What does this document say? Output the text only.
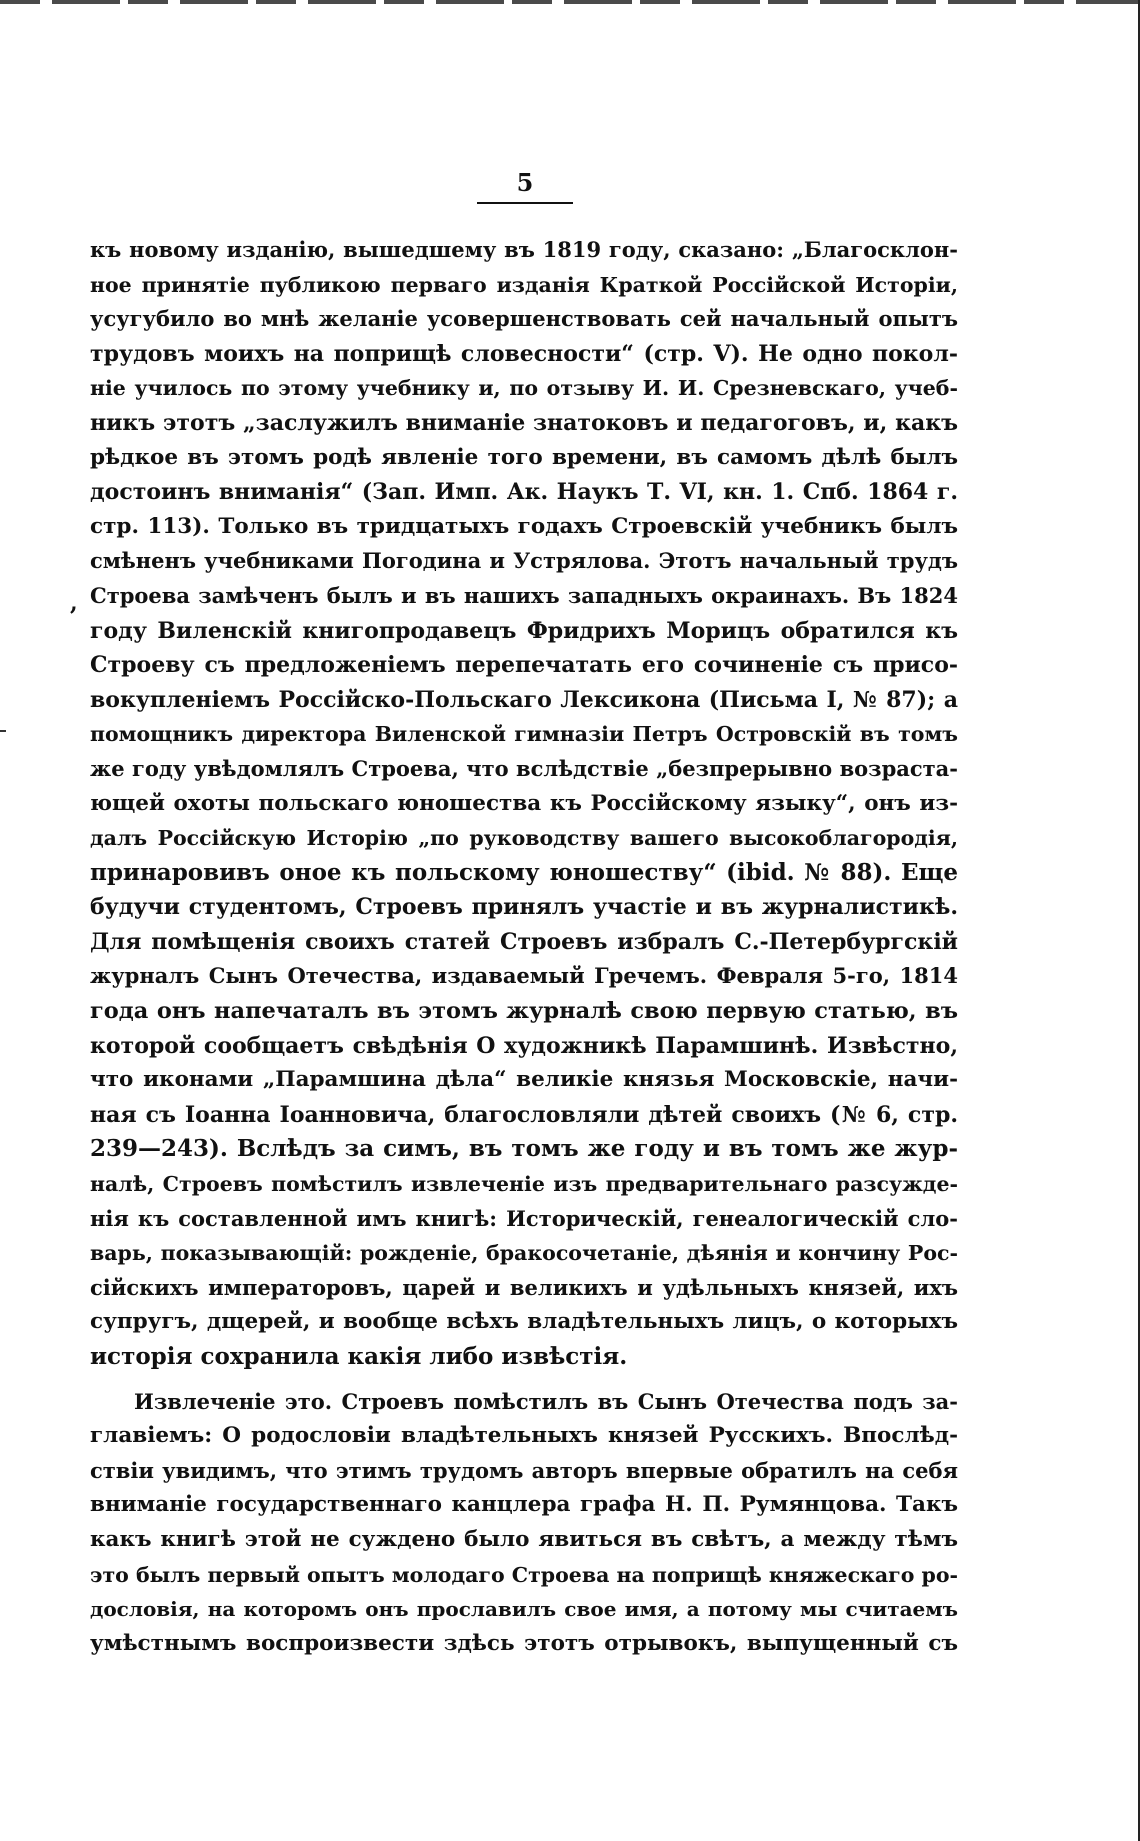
5
,
къ новому изданію, вышедшему въ 1819 году, сказано: „Благосклон-
ное принятіе публикою перваго изданія Краткой Россійской Исторіи,
усугубило во мнѣ желаніе усовершенствовать сей начальный опытъ
трудовъ моихъ на поприщѣ словесности“ (стр. V). Не одно покол-
ніе училось по этому учебнику и, по отзыву И. И. Срезневскаго, учеб-
никъ этотъ „заслужилъ вниманіе знатоковъ и педагоговъ, и, какъ
рѣдкое въ этомъ родѣ явленіе того времени, въ самомъ дѣлѣ былъ
достоинъ вниманія“ (Зап. Имп. Ак. Наукъ Т. VI, кн. 1. Спб. 1864 г.
стр. 113). Только въ тридцатыхъ годахъ Строевскій учебникъ былъ
смѣненъ учебниками Погодина и Устрялова. Этотъ начальный трудъ
Строева замѣченъ былъ и въ нашихъ западныхъ окраинахъ. Въ 1824
году Виленскій книгопродавецъ Фридрихъ Морицъ обратился къ
Строеву съ предложеніемъ перепечатать его сочиненіе съ присо-
вокупленіемъ Россійско-Польскаго Лексикона (Письма I, № 87); а
помощникъ директора Виленской гимназіи Петръ Островскій въ томъ
же году увѣдомлялъ Строева, что вслѣдствіе „безпрерывно возраста-
ющей охоты польскаго юношества къ Россійскому языку“, онъ из-
далъ Россійскую Исторію „по руководству вашего высокоблагородія,
принаровивъ оное къ польскому юношеству“ (ibid. № 88). Еще
будучи студентомъ, Строевъ принялъ участіе и въ журналистикѣ.
Для помѣщенія своихъ статей Строевъ избралъ С.-Петербургскій
журналъ Сынъ Отечества, издаваемый Гречемъ. Февраля 5-го, 1814
года онъ напечаталъ въ этомъ журналѣ свою первую статью, въ
которой сообщаетъ свѣдѣнія О художникѣ Парамшинѣ. Извѣстно,
что иконами „Парамшина дѣла“ великіе князья Московскіе, начи-
ная съ Іоанна Іоанновича, благословляли дѣтей своихъ (№ 6, стр.
239—243). Вслѣдъ за симъ, въ томъ же году и въ томъ же жур-
налѣ, Строевъ помѣстилъ извлеченіе изъ предварительнаго разсужде-
нія къ составленной имъ книгѣ: Историческій, генеалогическій сло-
варь, показывающій: рожденіе, бракосочетаніе, дѣянія и кончину Рос-
сійскихъ императоровъ, царей и великихъ и удѣльныхъ князей, ихъ
супругъ, дщерей, и вообще всѣхъ владѣтельныхъ лицъ, о которыхъ
исторія сохранила какія либо извѣстія.
Извлеченіе это. Строевъ помѣстилъ въ Сынъ Отечества подъ за-
главіемъ: О родословіи владѣтельныхъ князей Русскихъ. Впослѣд-
ствіи увидимъ, что этимъ трудомъ авторъ впервые обратилъ на себя
вниманіе государственнаго канцлера графа Н. П. Румянцова. Такъ
какъ книгѣ этой не суждено было явиться въ свѣтъ, а между тѣмъ
это былъ первый опытъ молодаго Строева на поприщѣ княжескаго ро-
дословія, на которомъ онъ прославилъ свое имя, а потому мы считаемъ
умѣстнымъ воспроизвести здѣсь этотъ отрывокъ, выпущенный съ
